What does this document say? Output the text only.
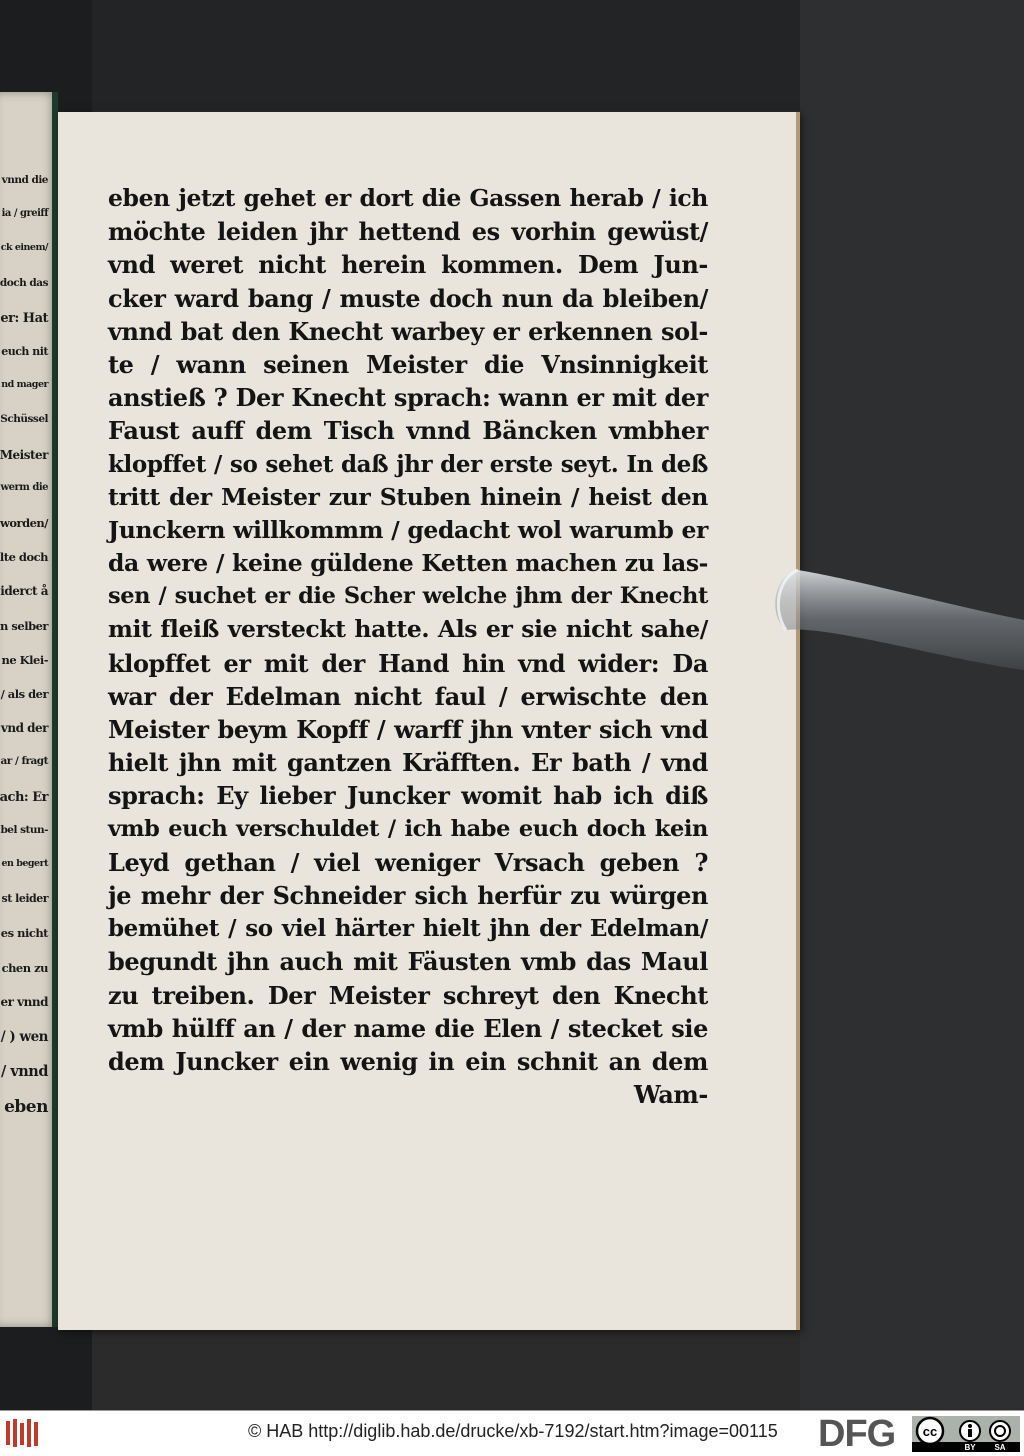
vnnd die
ia / greiff
ck einem/
doch das
er: Hat
euch nit
nd mager
Schüssel
Meister
werm die
worden/
lte doch
iderct å
n selber
ne Klei-
/ als der
vnd der
ar / fragt
ach: Er
bel stun-
en begert
st leider
es nicht
chen zu
er vnnd
/ ) wen
/ vnnd
eben
eben jetzt gehet er dort die Gassen herab / ich
möchte leiden jhr hettend es vorhin gewüst/
vnd weret nicht herein kommen. Dem Jun-
cker ward bang / muste doch nun da bleiben/
vnnd bat den Knecht warbey er erkennen sol-
te / wann seinen Meister die Vnsinnigkeit
anstieß ? Der Knecht sprach: wann er mit der
Faust auff dem Tisch vnnd Bäncken vmbher
klopffet / so sehet daß jhr der erste seyt. In deß
tritt der Meister zur Stuben hinein / heist den
Junckern willkommm / gedacht wol warumb er
da were / keine güldene Ketten machen zu las-
sen / suchet er die Scher welche jhm der Knecht
mit fleiß versteckt hatte. Als er sie nicht sahe/
klopffet er mit der Hand hin vnd wider: Da
war der Edelman nicht faul / erwischte den
Meister beym Kopff / warff jhn vnter sich vnd
hielt jhn mit gantzen Kräfften. Er bath / vnd
sprach: Ey lieber Juncker womit hab ich diß
vmb euch verschuldet / ich habe euch doch kein
Leyd gethan / viel weniger Vrsach geben ?
je mehr der Schneider sich herfür zu würgen
bemühet / so viel härter hielt jhn der Edelman/
begundt jhn auch mit Fäusten vmb das Maul
zu treiben. Der Meister schreyt den Knecht
vmb hülff an / der name die Elen / stecket sie
dem Juncker ein wenig in ein schnit an dem
Wam-
© HAB http://diglib.hab.de/drucke/xb-7192/start.htm?image=00115 DFG cc
BY SA
